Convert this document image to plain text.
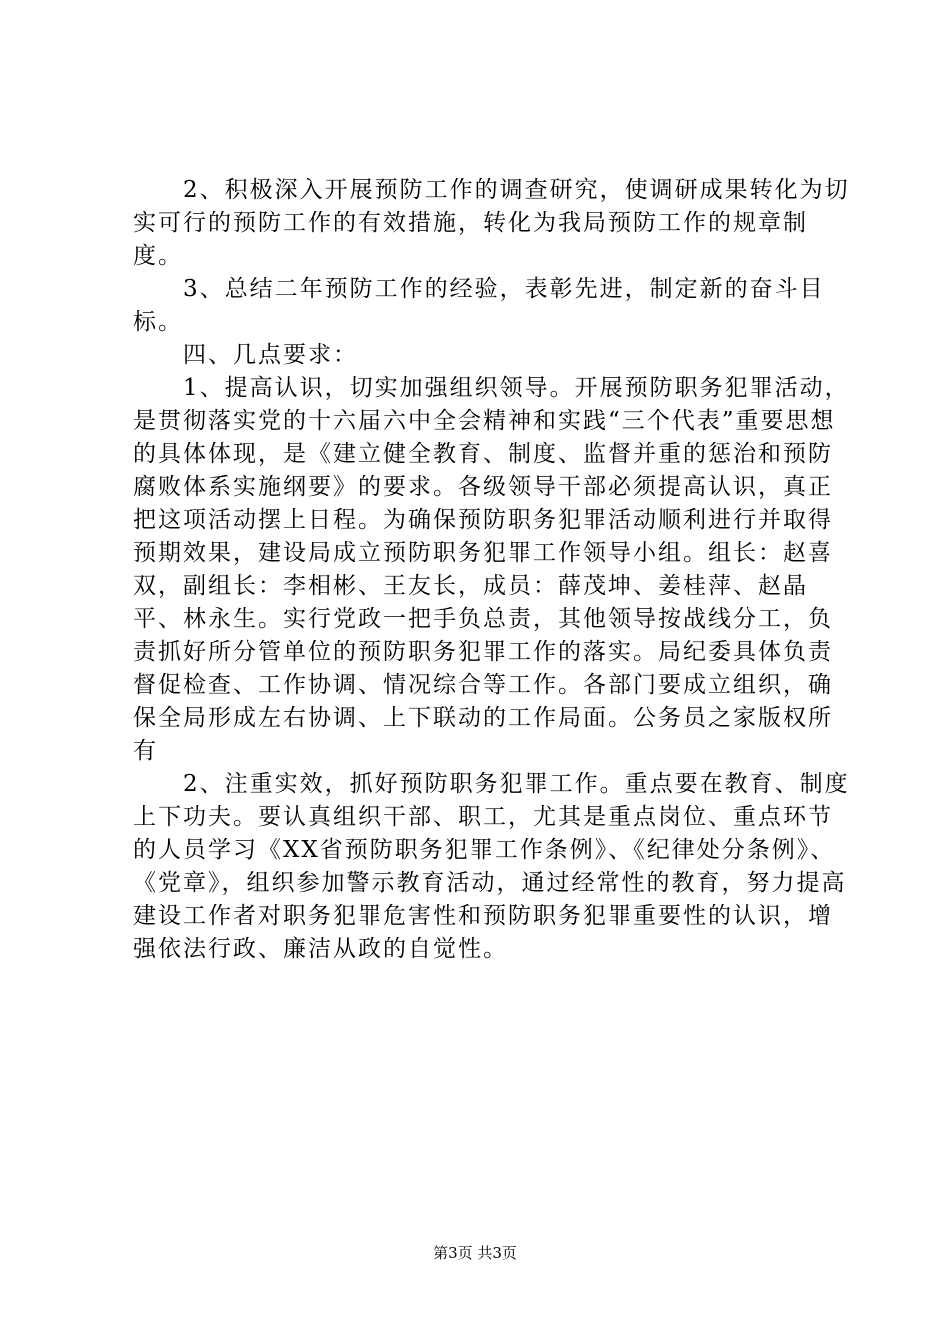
2、积极深入开展预防工作的调查研究，使调研成果转化为切实可行的预防工作的有效措施，转化为我局预防工作的规章制度。

3、总结二年预防工作的经验，表彰先进，制定新的奋斗目标。

四、几点要求：

1、提高认识，切实加强组织领导。开展预防职务犯罪活动，是贯彻落实党的十六届六中全会精神和实践“三个代表”重要思想的具体体现，是《建立健全教育、制度、监督并重的惩治和预防腐败体系实施纲要》的要求。各级领导干部必须提高认识，真正把这项活动摆上日程。为确保预防职务犯罪活动顺利进行并取得预期效果，建设局成立预防职务犯罪工作领导小组。组长：赵喜双，副组长：李相彬、王友长，成员：薛茂坤、姜桂萍、赵晶平、林永生。实行党政一把手负总责，其他领导按战线分工，负责抓好所分管单位的预防职务犯罪工作的落实。局纪委具体负责督促检查、工作协调、情况综合等工作。各部门要成立组织，确保全局形成左右协调、上下联动的工作局面。公务员之家版权所有

2、注重实效，抓好预防职务犯罪工作。重点要在教育、制度上下功夫。要认真组织干部、职工，尤其是重点岗位、重点环节的人员学习《XX省预防职务犯罪工作条例》、《纪律处分条例》、《党章》，组织参加警示教育活动，通过经常性的教育，努力提高建设工作者对职务犯罪危害性和预防职务犯罪重要性的认识，增强依法行政、廉洁从政的自觉性。

第3页 共3页
